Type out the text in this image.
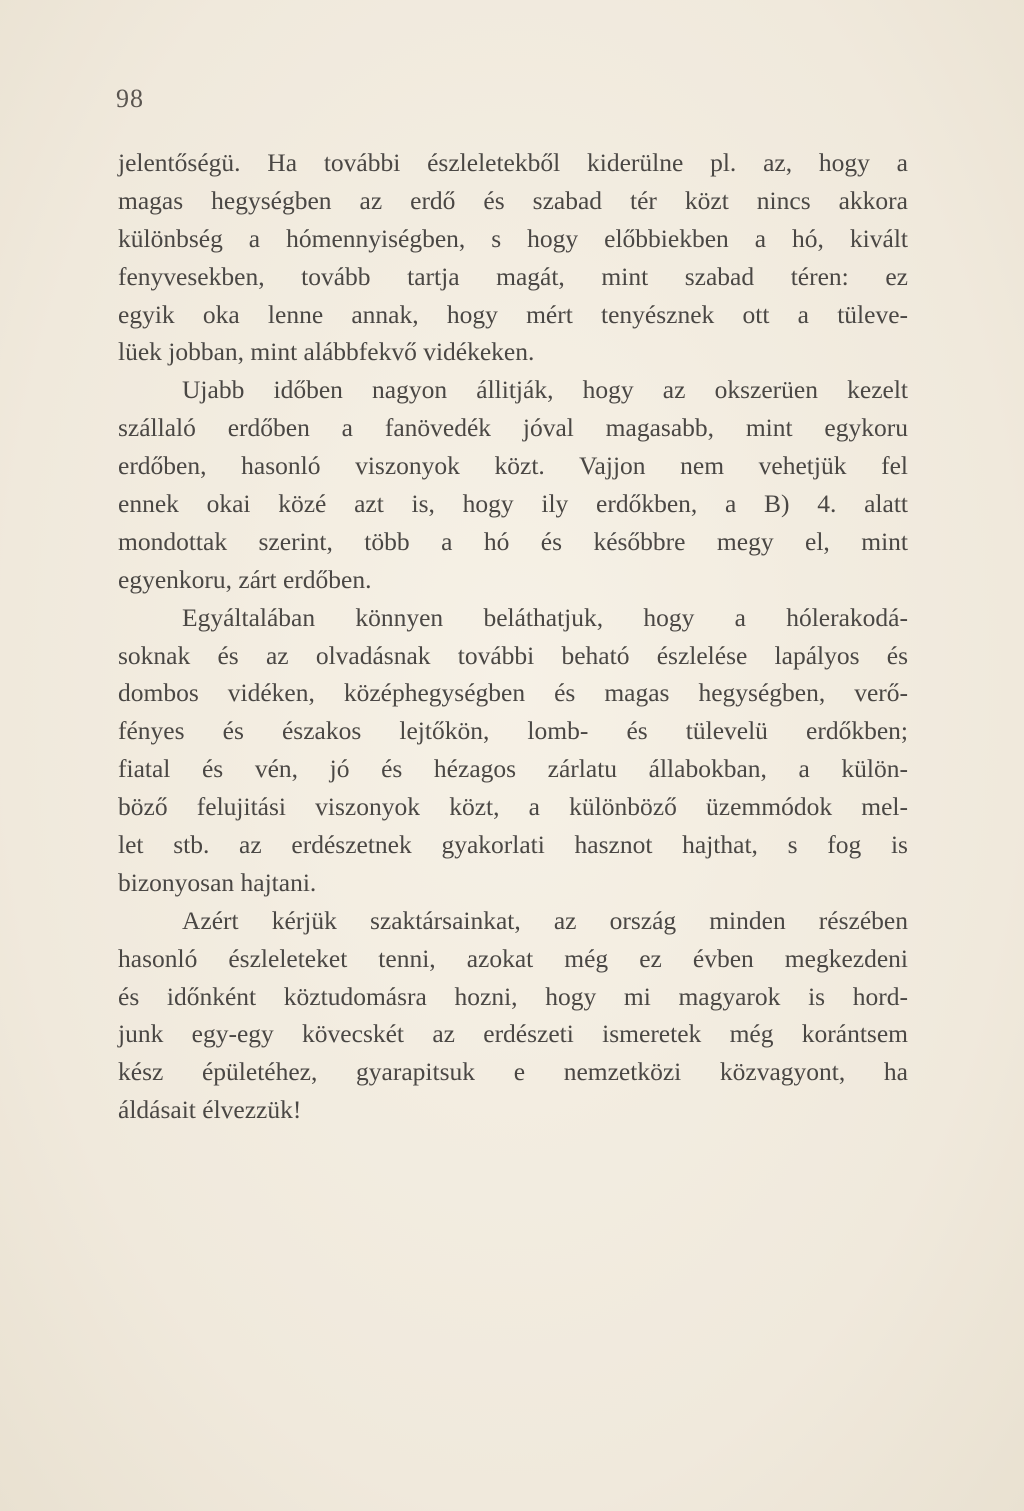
98
jelentőségü. Ha további észleletekből kiderülne pl. az, hogy a
magas hegységben az erdő és szabad tér közt nincs akkora
különbség a hómennyiségben, s hogy előbbiekben a hó, kivált
fenyvesekben, tovább tartja magát, mint szabad téren: ez
egyik oka lenne annak, hogy mért tenyésznek ott a tüleve-
lüek jobban, mint alábbfekvő vidékeken.
Ujabb időben nagyon állitják, hogy az okszerüen kezelt
szállaló erdőben a fanövedék jóval magasabb, mint egykoru
erdőben, hasonló viszonyok közt. Vajjon nem vehetjük fel
ennek okai közé azt is, hogy ily erdőkben, a B) 4. alatt
mondottak szerint, több a hó és későbbre megy el, mint
egyenkoru, zárt erdőben.
Egyáltalában könnyen beláthatjuk, hogy a hólerakodá-
soknak és az olvadásnak további beható észlelése lapályos és
dombos vidéken, középhegységben és magas hegységben, verő-
fényes és északos lejtőkön, lomb- és tülevelü erdőkben;
fiatal és vén, jó és hézagos zárlatu állabokban, a külön-
böző felujitási viszonyok közt, a különböző üzemmódok mel-
let stb. az erdészetnek gyakorlati hasznot hajthat, s fog is
bizonyosan hajtani.
Azért kérjük szaktársainkat, az ország minden részében
hasonló észleleteket tenni, azokat még ez évben megkezdeni
és időnként köztudomásra hozni, hogy mi magyarok is hord-
junk egy-egy kövecskét az erdészeti ismeretek még korántsem
kész épületéhez, gyarapitsuk e nemzetközi közvagyont, ha
áldásait élvezzük!
